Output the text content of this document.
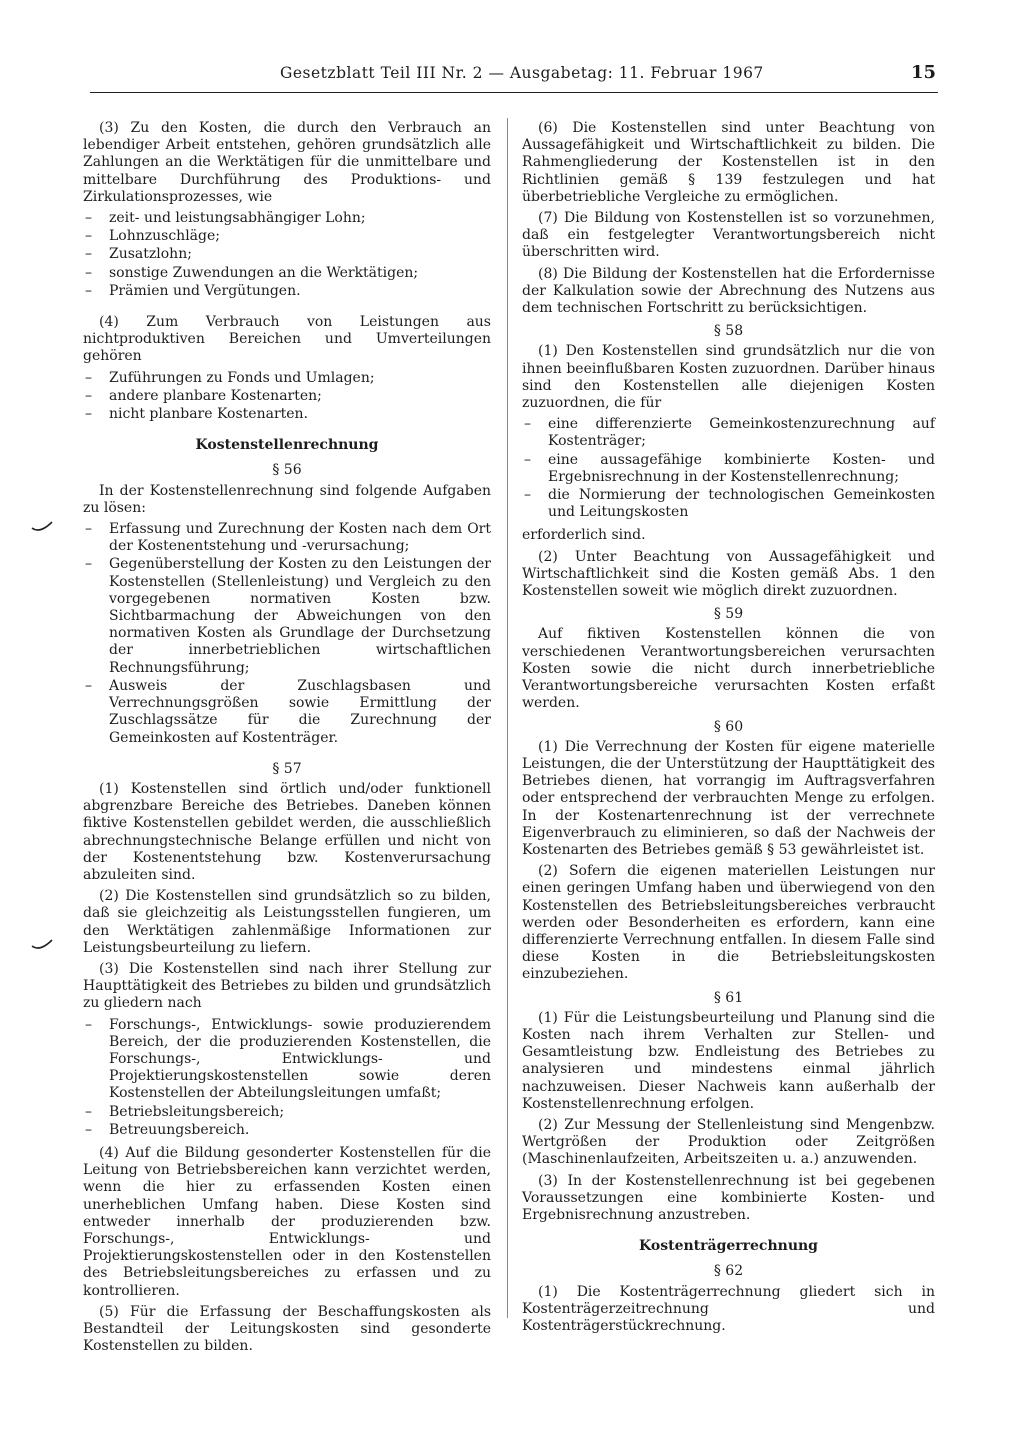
Gesetzblatt Teil III Nr. 2 — Ausgabetag: 11. Februar 1967	15

(3) Zu den Kosten, die durch den Verbrauch an lebendiger Arbeit entstehen, gehören grundsätzlich alle Zahlungen an die Werktätigen für die unmittelbare und mittelbare Durchführung des Produktions- und Zirkulationsprozesses, wie

– zeit- und leistungsabhängiger Lohn;
– Lohnzuschläge;
– Zusatzlohn;
– sonstige Zuwendungen an die Werktätigen;
– Prämien und Vergütungen.

(4) Zum Verbrauch von Leistungen aus nichtproduktiven Bereichen und Umverteilungen gehören

– Zuführungen zu Fonds und Umlagen;
– andere planbare Kostenarten;
– nicht planbare Kostenarten.

Kostenstellenrechnung

§ 56

In der Kostenstellenrechnung sind folgende Aufgaben zu lösen:

– Erfassung und Zurechnung der Kosten nach dem Ort der Kostenentstehung und -verursachung;
– Gegenüberstellung der Kosten zu den Leistungen der Kostenstellen (Stellenleistung) und Vergleich zu den vorgegebenen normativen Kosten bzw. Sichtbarmachung der Abweichungen von den normativen Kosten als Grundlage der Durchsetzung der innerbetrieblichen wirtschaftlichen Rechnungsführung;
– Ausweis der Zuschlagsbasen und Verrechnungsgrößen sowie Ermittlung der Zuschlagssätze für die Zurechnung der Gemeinkosten auf Kostenträger.

§ 57

(1) Kostenstellen sind örtlich und/oder funktionell abgrenzbare Bereiche des Betriebes. Daneben können fiktive Kostenstellen gebildet werden, die ausschließlich abrechnungstechnische Belange erfüllen und nicht von der Kostenentstehung bzw. Kostenverursachung abzuleiten sind.

(2) Die Kostenstellen sind grundsätzlich so zu bilden, daß sie gleichzeitig als Leistungsstellen fungieren, um den Werktätigen zahlenmäßige Informationen zur Leistungsbeurteilung zu liefern.

(3) Die Kostenstellen sind nach ihrer Stellung zur Haupttätigkeit des Betriebes zu bilden und grundsätzlich zu gliedern nach

– Forschungs-, Entwicklungs- sowie produzierendem Bereich, der die produzierenden Kostenstellen, die Forschungs-, Entwicklungs- und Projektierungskostenstellen sowie deren Kostenstellen der Abteilungsleitungen umfaßt;
– Betriebsleitungsbereich;
– Betreuungsbereich.

(4) Auf die Bildung gesonderter Kostenstellen für die Leitung von Betriebsbereichen kann verzichtet werden, wenn die hier zu erfassenden Kosten einen unerheblichen Umfang haben. Diese Kosten sind entweder innerhalb der produzierenden bzw. Forschungs-, Entwicklungs- und Projektierungskostenstellen oder in den Kostenstellen des Betriebsleitungsbereiches zu erfassen und zu kontrollieren.

(5) Für die Erfassung der Beschaffungskosten als Bestandteil der Leitungskosten sind gesonderte Kostenstellen zu bilden.

(6) Die Kostenstellen sind unter Beachtung von Aussagefähigkeit und Wirtschaftlichkeit zu bilden. Die Rahmengliederung der Kostenstellen ist in den Richtlinien gemäß § 139 festzulegen und hat überbetriebliche Vergleiche zu ermöglichen.

(7) Die Bildung von Kostenstellen ist so vorzunehmen, daß ein festgelegter Verantwortungsbereich nicht überschritten wird.

(8) Die Bildung der Kostenstellen hat die Erfordernisse der Kalkulation sowie der Abrechnung des Nutzens aus dem technischen Fortschritt zu berücksichtigen.

§ 58

(1) Den Kostenstellen sind grundsätzlich nur die von ihnen beeinflußbaren Kosten zuzuordnen. Darüber hinaus sind den Kostenstellen alle diejenigen Kosten zuzuordnen, die für

– eine differenzierte Gemeinkostenzurechnung auf Kostenträger;
– eine aussagefähige kombinierte Kosten- und Ergebnisrechnung in der Kostenstellenrechnung;
– die Normierung der technologischen Gemeinkosten und Leitungskosten

erforderlich sind.

(2) Unter Beachtung von Aussagefähigkeit und Wirtschaftlichkeit sind die Kosten gemäß Abs. 1 den Kostenstellen soweit wie möglich direkt zuzuordnen.

§ 59

Auf fiktiven Kostenstellen können die von verschiedenen Verantwortungsbereichen verursachten Kosten sowie die nicht durch innerbetriebliche Verantwortungsbereiche verursachten Kosten erfaßt werden.

§ 60

(1) Die Verrechnung der Kosten für eigene materielle Leistungen, die der Unterstützung der Haupttätigkeit des Betriebes dienen, hat vorrangig im Auftragsverfahren oder entsprechend der verbrauchten Menge zu erfolgen. In der Kostenartenrechnung ist der verrechnete Eigenverbrauch zu eliminieren, so daß der Nachweis der Kostenarten des Betriebes gemäß § 53 gewährleistet ist.

(2) Sofern die eigenen materiellen Leistungen nur einen geringen Umfang haben und überwiegend von den Kostenstellen des Betriebsleitungsbereiches verbraucht werden oder Besonderheiten es erfordern, kann eine differenzierte Verrechnung entfallen. In diesem Falle sind diese Kosten in die Betriebsleitungskosten einzubeziehen.

§ 61

(1) Für die Leistungsbeurteilung und Planung sind die Kosten nach ihrem Verhalten zur Stellen- und Gesamtleistung bzw. Endleistung des Betriebes zu analysieren und mindestens einmal jährlich nachzuweisen. Dieser Nachweis kann außerhalb der Kostenstellenrechnung erfolgen.

(2) Zur Messung der Stellenleistung sind Mengenbzw. Wertgrößen der Produktion oder Zeitgrößen (Maschinenlaufzeiten, Arbeitszeiten u. a.) anzuwenden.

(3) In der Kostenstellenrechnung ist bei gegebenen Voraussetzungen eine kombinierte Kosten- und Ergebnisrechnung anzustreben.

Kostenträgerrechnung

§ 62

(1) Die Kostenträgerrechnung gliedert sich in Kostenträgerzeitrechnung und Kostenträgerstückrechnung.
